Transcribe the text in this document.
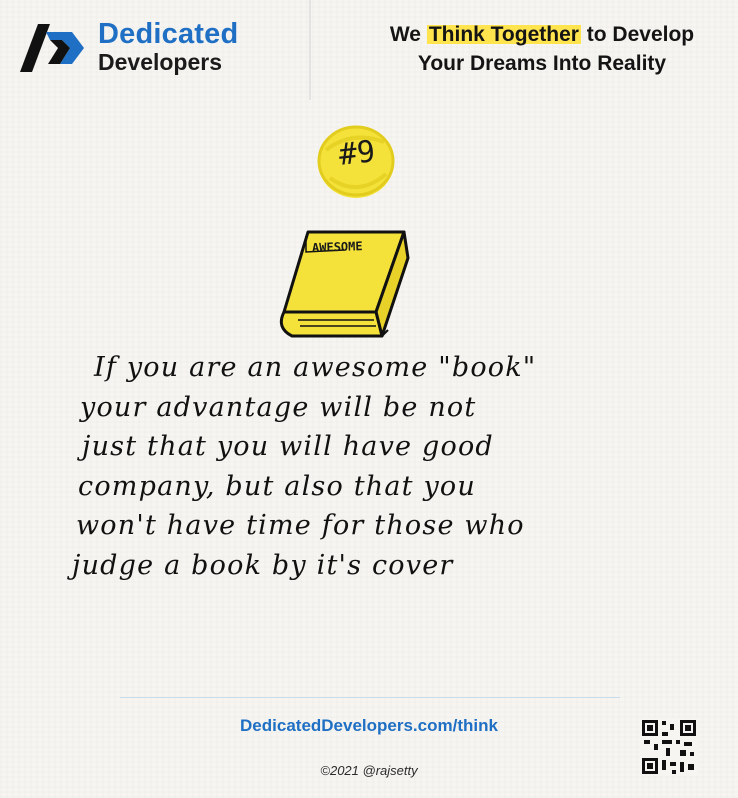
Dedicated
Developers
We Think Together to Develop
Your Dreams Into Reality
#9
AWESOME
If you are an awesome "book"
your advantage will be not
just that you will have good
company, but also that you
won't have time for those who
judge a book by it's cover
DedicatedDevelopers.com/think
©2021 @rajsetty
